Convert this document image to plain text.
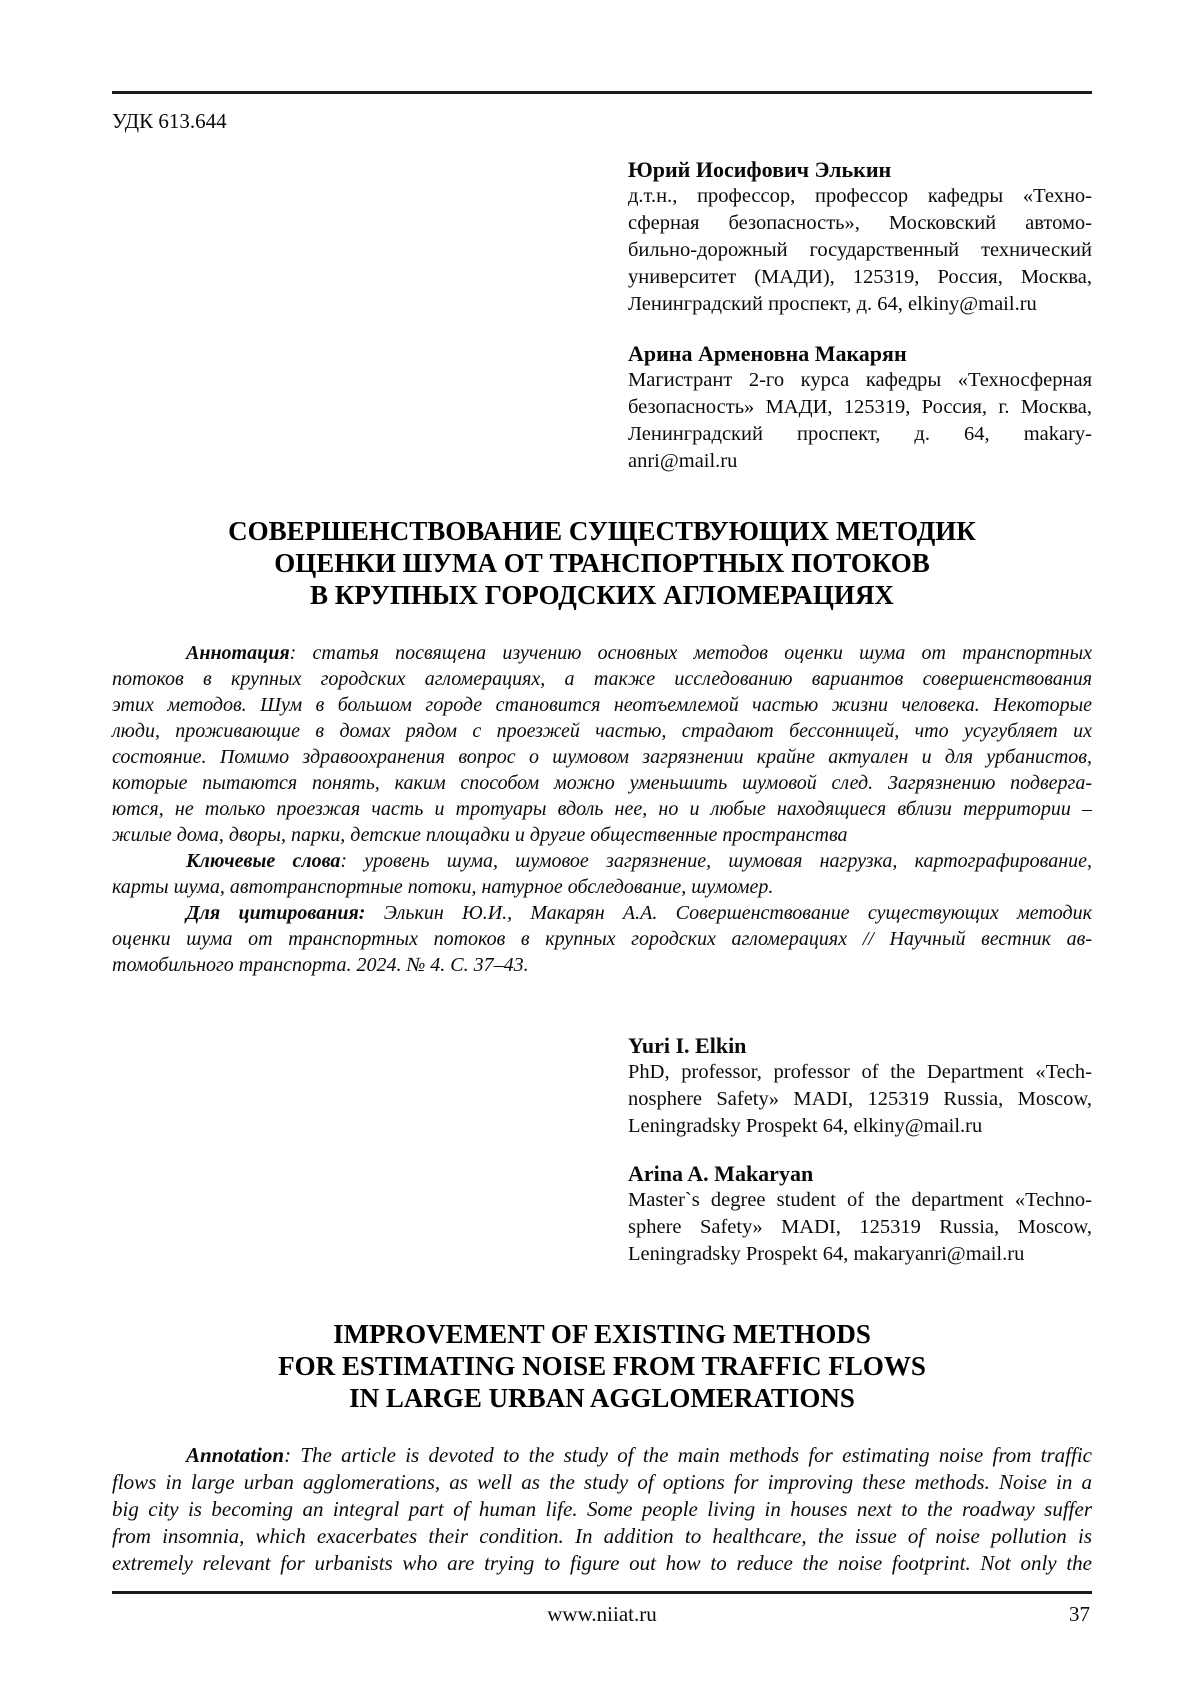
УДК 613.644
Юрий Иосифович Элькин
д.т.н., профессор, профессор кафедры «Техно-
сферная безопасность», Московский автомо-
бильно-дорожный государственный технический
университет (МАДИ), 125319, Россия, Москва,
Ленинградский проспект, д. 64, elkiny@mail.ru
Арина Арменовна Макарян
Магистрант 2-го курса кафедры «Техносферная
безопасность» МАДИ, 125319, Россия, г. Москва,
Ленинградский проспект, д. 64, makary-
anri@mail.ru
СОВЕРШЕНСТВОВАНИЕ СУЩЕСТВУЮЩИХ МЕТОДИК
ОЦЕНКИ ШУМА ОТ ТРАНСПОРТНЫХ ПОТОКОВ
В КРУПНЫХ ГОРОДСКИХ АГЛОМЕРАЦИЯХ
Аннотация: статья посвящена изучению основных методов оценки шума от транспортных
потоков в крупных городских агломерациях, а также исследованию вариантов совершенствования
этих методов. Шум в большом городе становится неотъемлемой частью жизни человека. Некоторые
люди, проживающие в домах рядом с проезжей частью, страдают бессонницей, что усугубляет их
состояние. Помимо здравоохранения вопрос о шумовом загрязнении крайне актуален и для урбанистов,
которые пытаются понять, каким способом можно уменьшить шумовой след. Загрязнению подверга-
ются, не только проезжая часть и тротуары вдоль нее, но и любые находящиеся вблизи территории –
жилые дома, дворы, парки, детские площадки и другие общественные пространства
Ключевые слова: уровень шума, шумовое загрязнение, шумовая нагрузка, картографирование,
карты шума, автотранспортные потоки, натурное обследование, шумомер.
Для цитирования: Элькин Ю.И., Макарян А.А. Совершенствование существующих методик
оценки шума от транспортных потоков в крупных городских агломерациях // Научный вестник ав-
томобильного транспорта. 2024. № 4. С. 37–43.
Yuri I. Elkin
PhD, professor, professor of the Department «Tech-
nosphere Safety» MADI, 125319 Russia, Moscow,
Leningradsky Prospekt 64, elkiny@mail.ru
Arina A. Makaryan
Master`s degree student of the department «Techno-
sphere Safety» MADI, 125319 Russia, Moscow,
Leningradsky Prospekt 64, makaryanri@mail.ru
IMPROVEMENT OF EXISTING METHODS
FOR ESTIMATING NOISE FROM TRAFFIC FLOWS
IN LARGE URBAN AGGLOMERATIONS
Annotation: The article is devoted to the study of the main methods for estimating noise from traffic
flows in large urban agglomerations, as well as the study of options for improving these methods. Noise in a
big city is becoming an integral part of human life. Some people living in houses next to the roadway suffer
from insomnia, which exacerbates their condition. In addition to healthcare, the issue of noise pollution is
extremely relevant for urbanists who are trying to figure out how to reduce the noise footprint. Not only the
www.niiat.ru	37
